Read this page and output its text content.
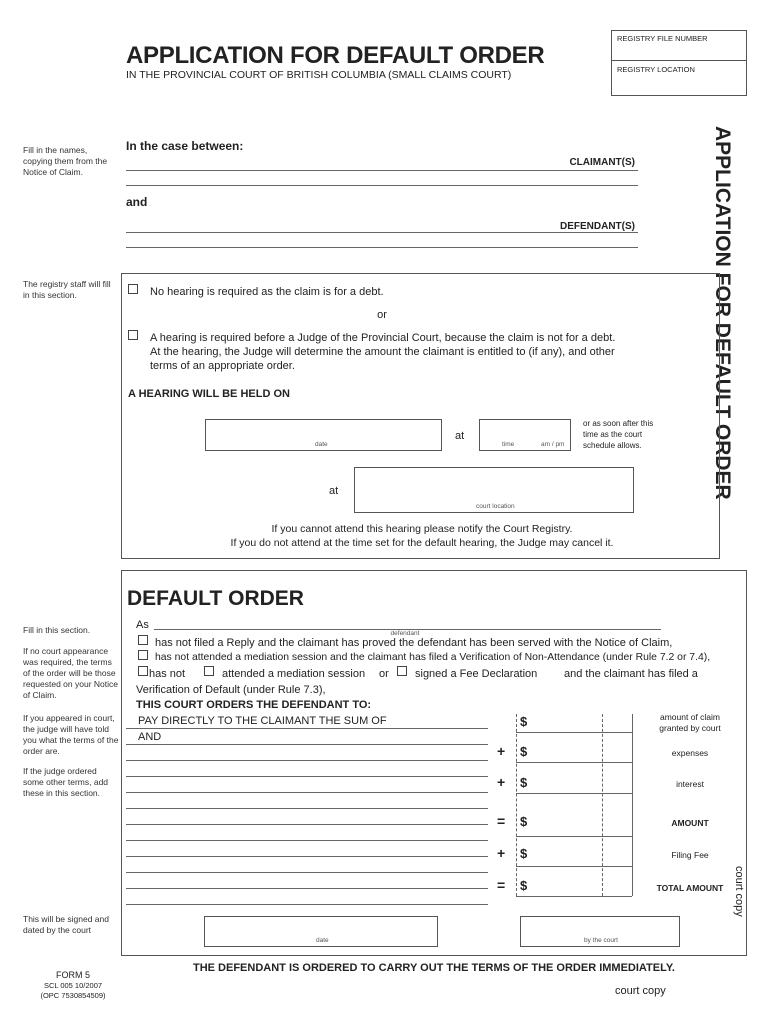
REGISTRY FILE NUMBER
REGISTRY LOCATION
APPLICATION FOR DEFAULT ORDER
IN THE PROVINCIAL COURT OF BRITISH COLUMBIA (SMALL CLAIMS COURT)
APPLICATION FOR DEFAULT ORDER
Fill in the names, copying them from the Notice of Claim.
The registry staff will fill in this section.
In the case between:
CLAIMANT(S)
and
DEFENDANT(S)
No hearing is required as the claim is for a debt.
or
A hearing is required before a Judge of the Provincial Court, because the claim is not for a debt.
At the hearing, the Judge will determine the amount the claimant is entitled to (if any), and other
terms of an appropriate order.
A HEARING WILL BE HELD ON
date
at
time	am / pm
or as soon after this
time as the court
schedule allows.
at
court location
If you cannot attend this hearing please notify the Court Registry.
If you do not attend at the time set for the default hearing, the Judge may cancel it.
Fill in this section.
If no court appearance was required, the terms of the order will be those requested on your Notice of Claim.
If you appeared in court, the judge will have told you what the terms of the order are.
If the judge ordered some other terms, add these in this section.
This will be signed and dated by the court
DEFAULT ORDER
As
defendant
has not filed a Reply and the claimant has proved the defendant has been served with the Notice of Claim,
has not attended a mediation session and the claimant has filed a Verification of Non-Attendance (under Rule 7.2 or 7.4),
has not	attended a mediation session or signed a Fee Declaration and the claimant has filed a
Verification of Default (under Rule 7.3),
THIS COURT ORDERS THE DEFENDANT TO:
PAY DIRECTLY TO THE CLAIMANT THE SUM OF
AND
$	amount of claim
granted by court
+ $	expenses
+ $	interest
= $	AMOUNT
+ $	Filing Fee
= $	TOTAL AMOUNT court copy
date	by the court
THE DEFENDANT IS ORDERED TO CARRY OUT THE TERMS OF THE ORDER IMMEDIATELY.
FORM 5
SCL 005 10/2007
(OPC 7530854509)	court copy
